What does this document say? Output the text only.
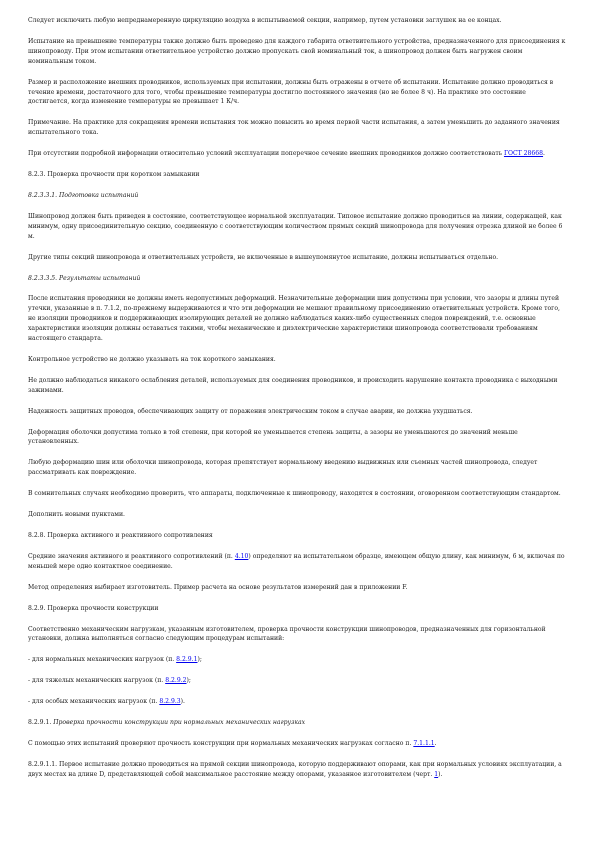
Следует исключить любую непреднамеренную циркуляцию воздуха в испытываемой секции, например, путем установки заглушек на ее концах.

Испытание на превышение температуры также должно быть проведено для каждого габарита ответвительного устройства, предназначенного для присоединения к шинопроводу. При этом испытании ответвительное устройство должно пропускать свой номинальный ток, а шинопровод должен быть нагружен своим номинальным током.

Размер и расположение внешних проводников, используемых при испытании, должны быть отражены в отчете об испытании. Испытание должно проводиться в течение времени, достаточного для того, чтобы превышение температуры достигло постоянного значения (но не более 8 ч). На практике это состояние достигается, когда изменение температуры не превышает 1 К/ч.

Примечание. На практике для сокращения времени испытания ток можно повысить во время первой части испытания, а затем уменьшить до заданного значения испытательного тока.

При отсутствии подробной информации относительно условий эксплуатации поперечное сечение внешних проводников должно соответствовать ГОСТ 28668.

8.2.3. Проверка прочности при коротком замыкании

8.2.3.3.1. Подготовка испытаний

Шинопровод должен быть приведен в состояние, соответствующее нормальной эксплуатации. Типовое испытание должно проводиться на линии, содержащей, как минимум, одну присоединительную секцию, соединенную с соответствующим количеством прямых секций шинопровода для получения отрезка длиной не более 6 м.

Другие типы секций шинопровода и ответвительных устройств, не включенные в вышеупомянутое испытание, должны испытываться отдельно.

8.2.3.3.5. Результаты испытаний

После испытания проводники не должны иметь недопустимых деформаций. Незначительные деформации шин допустимы при условии, что зазоры и длины путей утечки, указанные в п. 7.1.2, по-прежнему выдерживаются и что эти деформации не мешают правильному присоединению ответвительных устройств. Кроме того, не изоляции проводников и поддерживающих изолирующих деталей не должно наблюдаться каких-либо существенных следов повреждений, т.е. основные характеристики изоляции должны оставаться такими, чтобы механические и диэлектрические характеристики шинопровода соответствовали требованиям настоящего стандарта.

Контрольное устройство не должно указывать на ток короткого замыкания.

Не должно наблюдаться никакого ослабления деталей, используемых для соединения проводников, и происходить нарушение контакта проводника с выходными зажимами.

Надежность защитных проводов, обеспечивающих защиту от поражения электрическим током в случае аварии, не должна ухудшаться.

Деформация оболочки допустима только в той степени, при которой не уменьшается степень защиты, а зазоры не уменьшаются до значений меньше установленных.

Любую деформацию шин или оболочки шинопровода, которая препятствует нормальному введению выдвижных или съемных частей шинопровода, следует рассматривать как повреждение.

В сомнительных случаях необходимо проверить, что аппараты, подключенные к шинопроводу, находятся в состоянии, оговоренном соответствующим стандартом.

Дополнить новыми пунктами.

8.2.8. Проверка активного и реактивного сопротивления

Средние значения активного и реактивного сопротивлений (п. 4.10) определяют на испытательном образце, имеющем общую длину, как минимум, 6 м, включая по меньшей мере одно контактное соединение.

Метод определения выбирает изготовитель. Пример расчета на основе результатов измерений дан в приложении F.

8.2.9. Проверка прочности конструкции

Соответственно механическим нагрузкам, указанным изготовителем, проверка прочности конструкции шинопроводов, предназначенных для горизонтальной установки, должна выполняться согласно следующим процедурам испытаний:

- для нормальных механических нагрузок (п. 8.2.9.1);

- для тяжелых механических нагрузок (п. 8.2.9.2);

- для особых механических нагрузок (п. 8.2.9.3).

8.2.9.1. Проверка прочности конструкции при нормальных механических нагрузках

С помощью этих испытаний проверяют прочность конструкции при нормальных механических нагрузках согласно п. 7.1.1.1.

8.2.9.1.1. Первое испытание должно проводиться на прямой секции шинопровода, которую поддерживают опорами, как при нормальных условиях эксплуатации, а двух местах на длине D, представляющей собой максимальное расстояние между опорами, указанное изготовителем (черт. 1).
